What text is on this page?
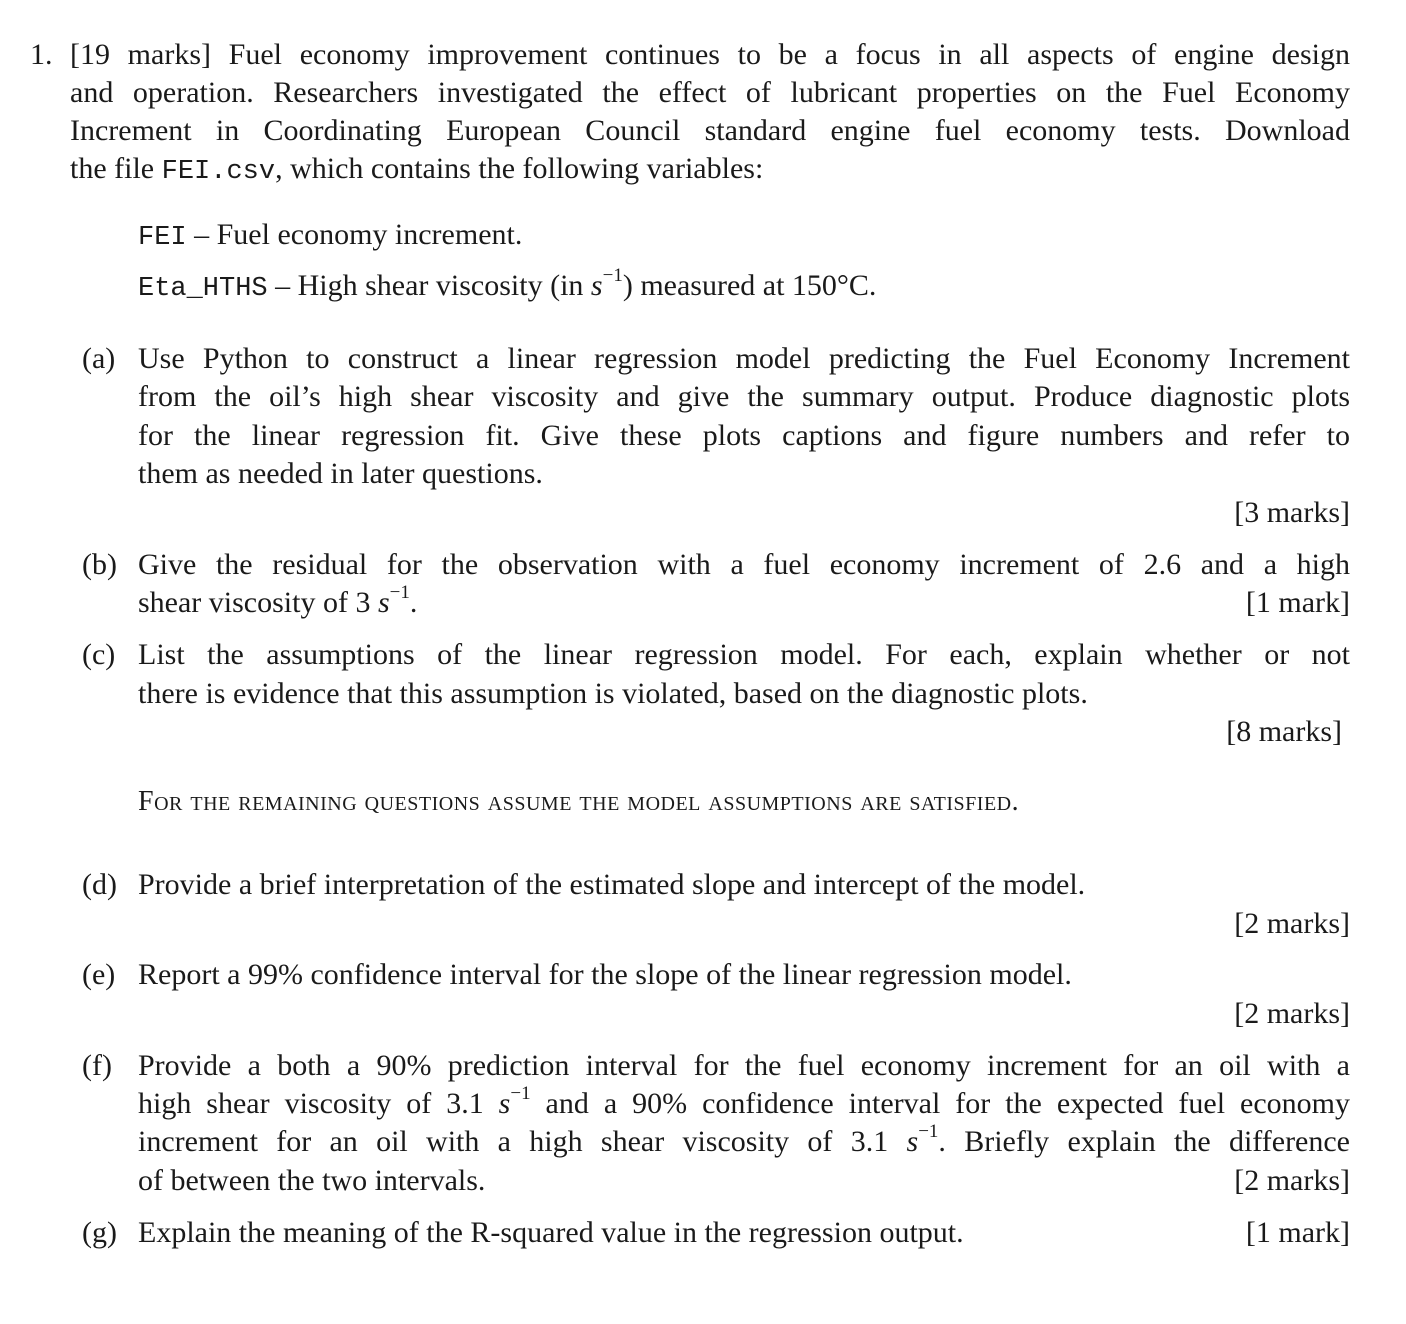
1. [19 marks] Fuel economy improvement continues to be a focus in all aspects of engine design
and operation. Researchers investigated the effect of lubricant properties on the Fuel Economy
Increment in Coordinating European Council standard engine fuel economy tests. Download
the file FEI.csv, which contains the following variables:
FEI – Fuel economy increment.
Eta_HTHS – High shear viscosity (in $s^{-1}$) measured at 150°C.
(a) Use Python to construct a linear regression model predicting the Fuel Economy Increment
from the oil’s high shear viscosity and give the summary output. Produce diagnostic plots
for the linear regression fit. Give these plots captions and figure numbers and refer to
them as needed in later questions.
[3 marks]
(b) Give the residual for the observation with a fuel economy increment of 2.6 and a high
shear viscosity of 3 $s^{-1}$.	[1 mark]
(c) List the assumptions of the linear regression model. For each, explain whether or not
there is evidence that this assumption is violated, based on the diagnostic plots.
[8 marks]
For the remaining questions assume the model assumptions are satisfied.
(d) Provide a brief interpretation of the estimated slope and intercept of the model.
[2 marks]
(e) Report a 99% confidence interval for the slope of the linear regression model.
[2 marks]
(f) Provide a both a 90% prediction interval for the fuel economy increment for an oil with a
high shear viscosity of 3.1 $s^{-1}$ and a 90% confidence interval for the expected fuel economy
increment for an oil with a high shear viscosity of 3.1 $s^{-1}$. Briefly explain the difference
of between the two intervals.	[2 marks]
(g) Explain the meaning of the R-squared value in the regression output.	[1 mark]
